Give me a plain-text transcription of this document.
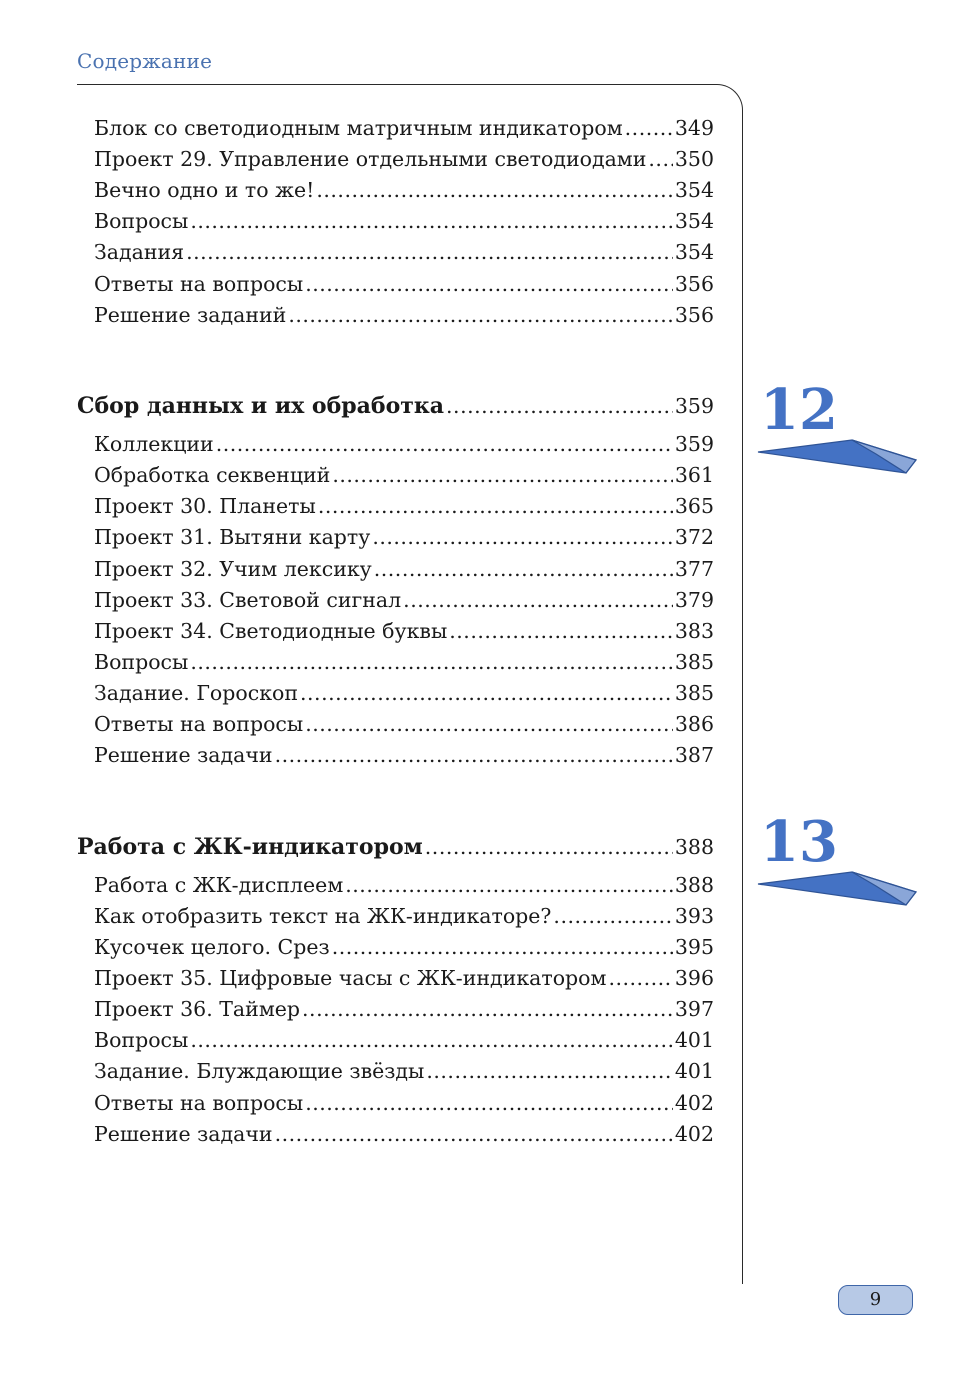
Содержание
Блок со светодиодным матричным индикатором .....	349
Проект 29. Управление отдельными светодиодами ..... 350
Вечно одно и то же! .....	354
Вопросы .....	354
Задания .....	354
Ответы на вопросы .....	356
Решение заданий .....	356
12
Сбор данных и их обработка .....	359
Коллекции .....	359
Обработка секвенций .....	361
Проект 30. Планеты .....	365
Проект 31. Вытяни карту .....	372
Проект 32. Учим лексику .....	377
Проект 33. Световой сигнал .....	379
Проект 34. Светодиодные буквы .....	383
Вопросы .....	385
Задание. Гороскоп .....	385
Ответы на вопросы .....	386
Решение задачи .....	387
13
Работа с ЖК-индикатором .....	388
Работа с ЖК-дисплеем .....	388
Как отобразить текст на ЖК-индикаторе? .....	393
Кусочек целого. Срез .....	395
Проект 35. Цифровые часы с ЖК-индикатором .....	396
Проект 36. Таймер .....	397
Вопросы .....	401
Задание. Блуждающие звёзды .....	401
Ответы на вопросы .....	402
Решение задачи .....	402
9
